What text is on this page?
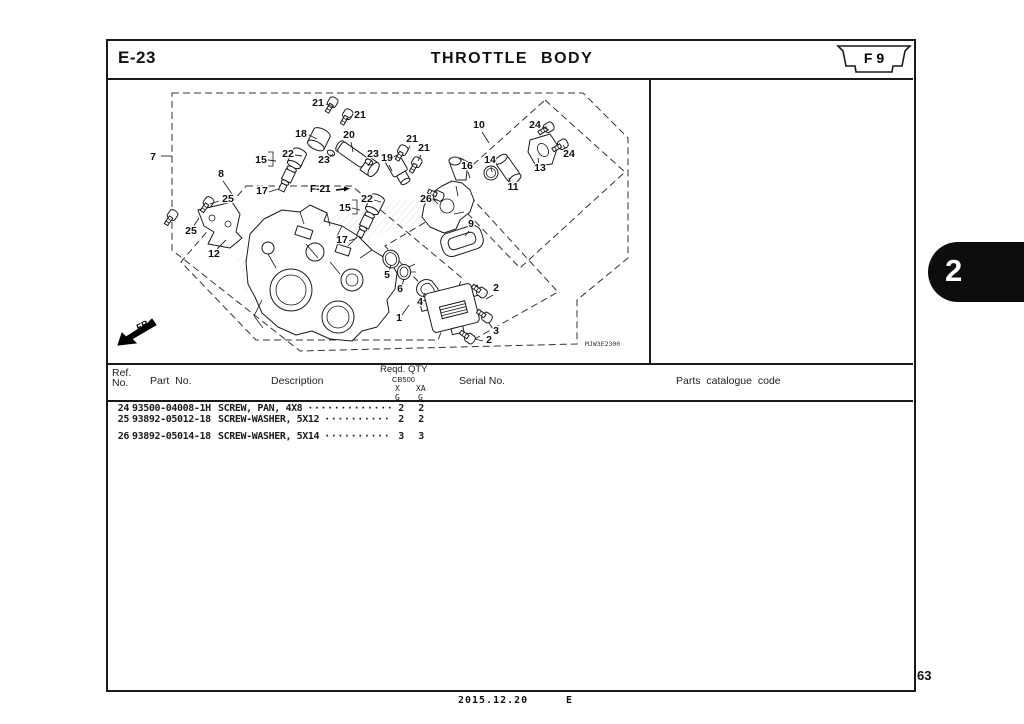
E-23	THROTTLE BODY	F 9
2
FR.
F-21
MJW3E2300
7
8
25
25
12
21
21
18	20
22
15	23	23 19
21
21
17
22
15
17
10	24
24
13
16 14
11
26
9
5
6
4
1
2
3
2
Ref.
No. Part No.	Description
Reqd. QTY
CB500
X XA
G G
Serial No.	Parts catalogue code
24 93500-04008-1H SCREW, PAN, 4X8 ············· 2	2
25 93892-05012-18 SCREW-WASHER, 5X12 ·········· 2	2
26 93892-05014-18 SCREW-WASHER, 5X14 ·········· 3	3
2015.12.20	E
63
